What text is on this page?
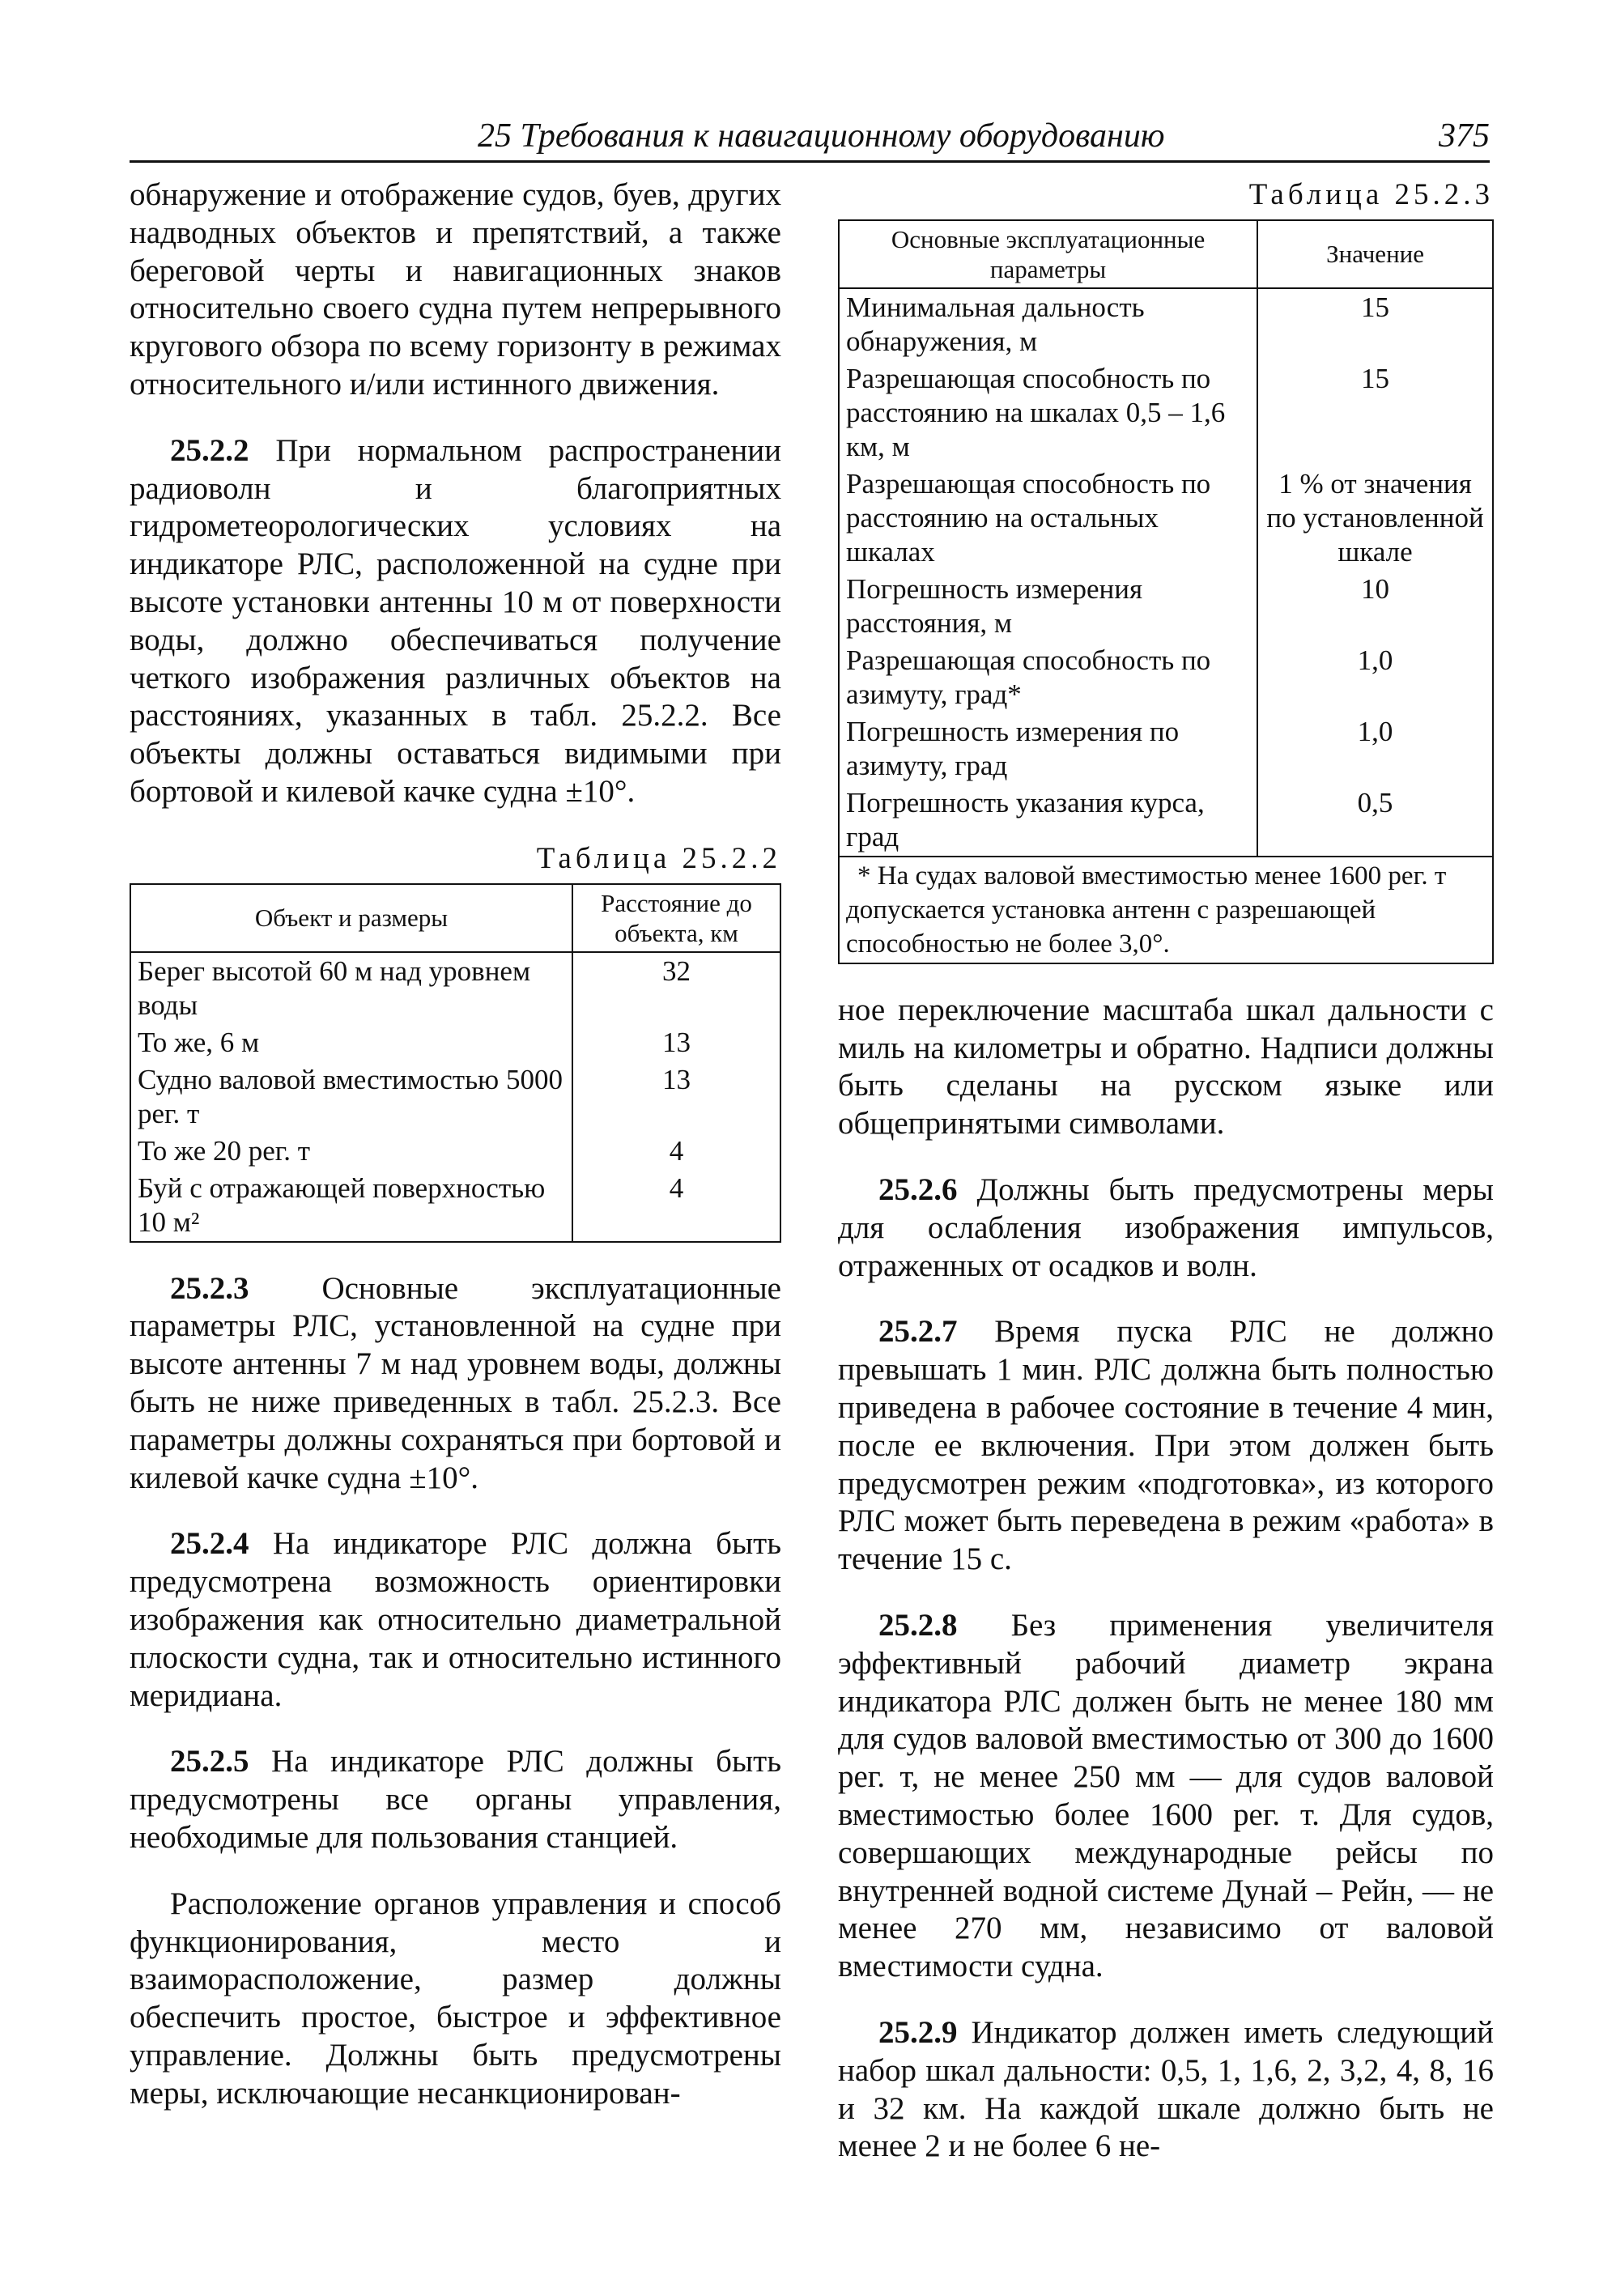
25 Требования к навигационному оборудованию	375

обнаружение и отображение судов, буев, других надводных объектов и препятствий, а также береговой черты и навигационных знаков относительно своего судна путем непрерывного кругового обзора по всему горизонту в режимах относительного и/или истинного движения.

25.2.2 При нормальном распространении радиоволн и благоприятных гидрометеорологических условиях на индикаторе РЛС, расположенной на судне при высоте установки антенны 10 м от поверхности воды, должно обеспечиваться получение четкого изображения различных объектов на расстояниях, указанных в табл. 25.2.2. Все объекты должны оставаться видимыми при бортовой и килевой качке судна ±10°.

Таблица 25.2.2
Объект и размеры	Расстояние до объекта, км
Берег высотой 60 м над уровнем воды	32
То же, 6 м	13
Судно валовой вместимостью 5000 рег. т	13
То же 20 рег. т	4
Буй с отражающей поверхностью 10 м²	4

25.2.3 Основные эксплуатационные параметры РЛС, установленной на судне при высоте антенны 7 м над уровнем воды, должны быть не ниже приведенных в табл. 25.2.3. Все параметры должны сохраняться при бортовой и килевой качке судна ±10°.

25.2.4 На индикаторе РЛС должна быть предусмотрена возможность ориентировки изображения как относительно диаметральной плоскости судна, так и относительно истинного меридиана.

25.2.5 На индикаторе РЛС должны быть предусмотрены все органы управления, необходимые для пользования станцией.

Расположение органов управления и способ функционирования, место и взаиморасположение, размер должны обеспечить простое, быстрое и эффективное управление. Должны быть предусмотрены меры, исключающие несанкционирован-

Таблица 25.2.3
Основные эксплуатационные параметры	Значение
Минимальная дальность обнаружения, м	15
Разрешающая способность по расстоянию на шкалах 0,5 – 1,6 км, м	15
Разрешающая способность по расстоянию на остальных шкалах	1 % от значения по установленной шкале
Погрешность измерения расстояния, м	10
Разрешающая способность по азимуту, град*	1,0
Погрешность измерения по азимуту, град	1,0
Погрешность указания курса, град	0,5
* На судах валовой вместимостью менее 1600 рег. т допускается установка антенн с разрешающей способностью не более 3,0°.	

ное переключение масштаба шкал дальности с миль на километры и обратно. Надписи должны быть сделаны на русском языке или общепринятыми символами.

25.2.6 Должны быть предусмотрены меры для ослабления изображения импульсов, отраженных от осадков и волн.

25.2.7 Время пуска РЛС не должно превышать 1 мин. РЛС должна быть полностью приведена в рабочее состояние в течение 4 мин, после ее включения. При этом должен быть предусмотрен режим «подготовка», из которого РЛС может быть переведена в режим «работа» в течение 15 с.

25.2.8 Без применения увеличителя эффективный рабочий диаметр экрана индикатора РЛС должен быть не менее 180 мм для судов валовой вместимостью от 300 до 1600 рег. т, не менее 250 мм — для судов валовой вместимостью более 1600 рег. т. Для судов, совершающих международные рейсы по внутренней водной системе Дунай – Рейн, — не менее 270 мм, независимо от валовой вместимости судна.

25.2.9 Индикатор должен иметь следующий набор шкал дальности: 0,5, 1, 1,6, 2, 3,2, 4, 8, 16 и 32 км. На каждой шкале должно быть не менее 2 и не более 6 не-
